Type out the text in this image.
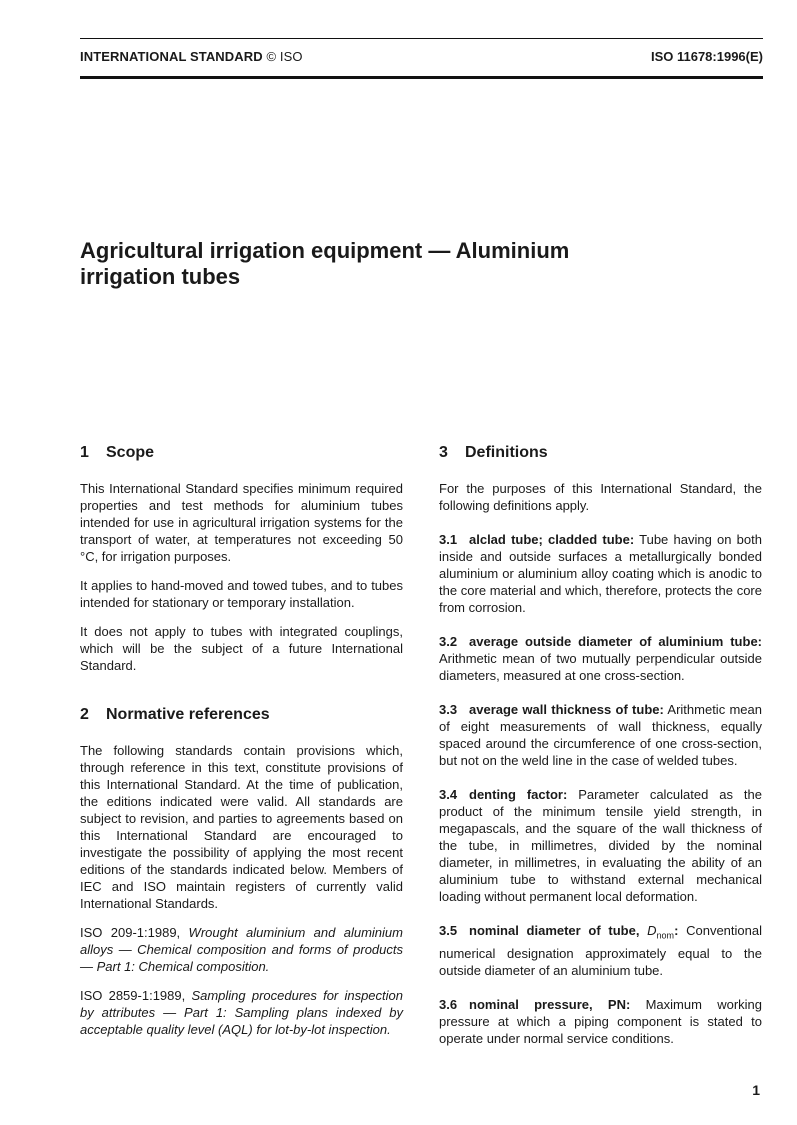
INTERNATIONAL STANDARD © ISO	ISO 11678:1996(E)
Agricultural irrigation equipment — Aluminium
irrigation tubes
1 Scope

This International Standard specifies minimum required properties and test methods for aluminium tubes intended for use in agricultural irrigation systems for the transport of water, at temperatures not exceeding 50 °C, for irrigation purposes.

It applies to hand-moved and towed tubes, and to tubes intended for stationary or temporary installation.

It does not apply to tubes with integrated couplings, which will be the subject of a future International Standard.

2 Normative references

The following standards contain provisions which, through reference in this text, constitute provisions of this International Standard. At the time of publication, the editions indicated were valid. All standards are subject to revision, and parties to agreements based on this International Standard are encouraged to investigate the possibility of applying the most recent editions of the standards indicated below. Members of IEC and ISO maintain registers of currently valid International Standards.

ISO 209-1:1989, Wrought aluminium and aluminium alloys — Chemical composition and forms of products — Part 1: Chemical composition.

ISO 2859-1:1989, Sampling procedures for inspection by attributes — Part 1: Sampling plans indexed by acceptable quality level (AQL) for lot-by-lot inspection.

3 Definitions

For the purposes of this International Standard, the following definitions apply.

3.1 alclad tube; cladded tube: Tube having on both inside and outside surfaces a metallurgically bonded aluminium or aluminium alloy coating which is anodic to the core material and which, therefore, protects the core from corrosion.

3.2 average outside diameter of aluminium tube: Arithmetic mean of two mutually perpendicular outside diameters, measured at one cross-section.

3.3 average wall thickness of tube: Arithmetic mean of eight measurements of wall thickness, equally spaced around the circumference of one cross-section, but not on the weld line in the case of welded tubes.

3.4 denting factor: Parameter calculated as the product of the minimum tensile yield strength, in megapascals, and the square of the wall thickness of the tube, in millimetres, divided by the nominal diameter, in millimetres, in evaluating the ability of an aluminium tube to withstand external mechanical loading without permanent local deformation.

3.5 nominal diameter of tube, $D_{nom}$: Conventional numerical designation approximately equal to the outside diameter of an aluminium tube.

3.6 nominal pressure, PN: Maximum working pressure at which a piping component is stated to operate under normal service conditions.

1
